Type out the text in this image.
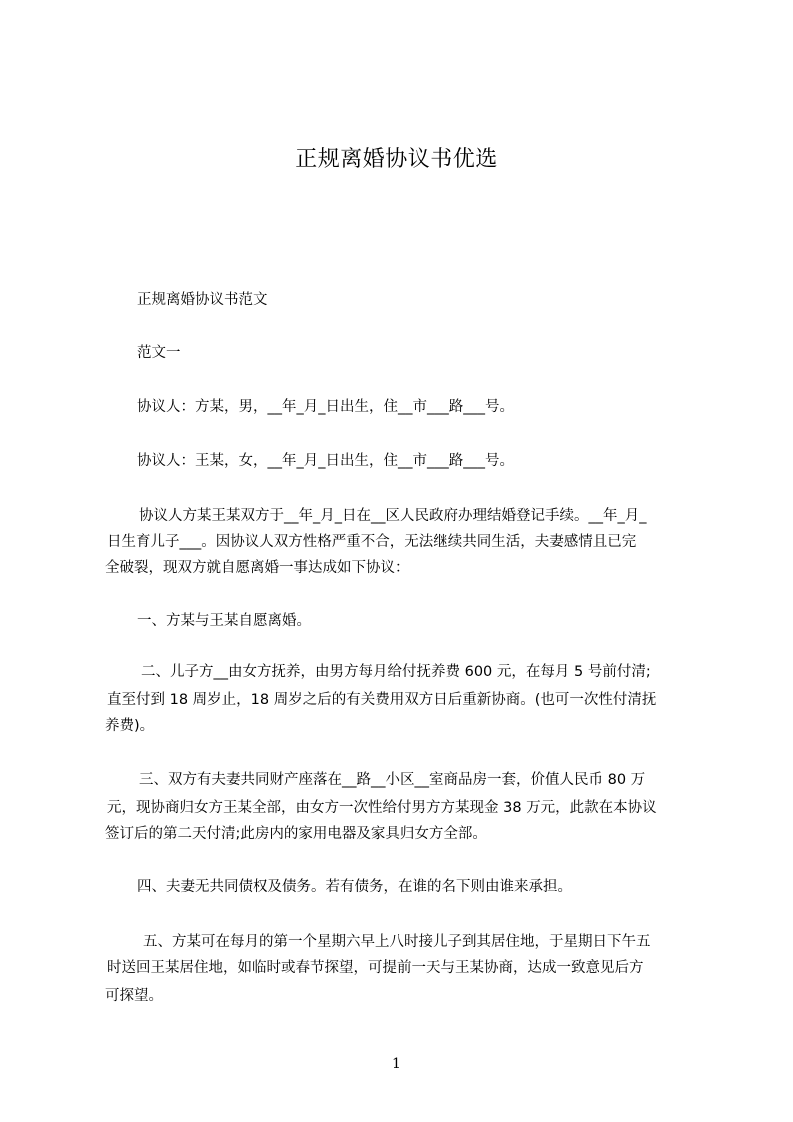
正规离婚协议书优选
正规离婚协议书范文
范文一
协议人：方某，男，__年_月_日出生，住__市___路___号。
协议人：王某，女，__年_月_日出生，住__市___路___号。
协议人方某王某双方于__年_月_日在__区人民政府办理结婚登记手续。__年_月_
日生育儿子___。因协议人双方性格严重不合，无法继续共同生活，夫妻感情且已完
全破裂，现双方就自愿离婚一事达成如下协议：
一、方某与王某自愿离婚。
二、儿子方__由女方抚养，由男方每月给付抚养费 600 元，在每月 5 号前付清;
直至付到 18 周岁止，18 周岁之后的有关费用双方日后重新协商。(也可一次性付清抚
养费)。
三、双方有夫妻共同财产座落在__路__小区__室商品房一套，价值人民币 80 万
元，现协商归女方王某全部，由女方一次性给付男方方某现金 38 万元，此款在本协议
签订后的第二天付清;此房内的家用电器及家具归女方全部。
四、夫妻无共同债权及债务。若有债务，在谁的名下则由谁来承担。
五、方某可在每月的第一个星期六早上八时接儿子到其居住地，于星期日下午五
时送回王某居住地，如临时或春节探望，可提前一天与王某协商，达成一致意见后方
可探望。
1
